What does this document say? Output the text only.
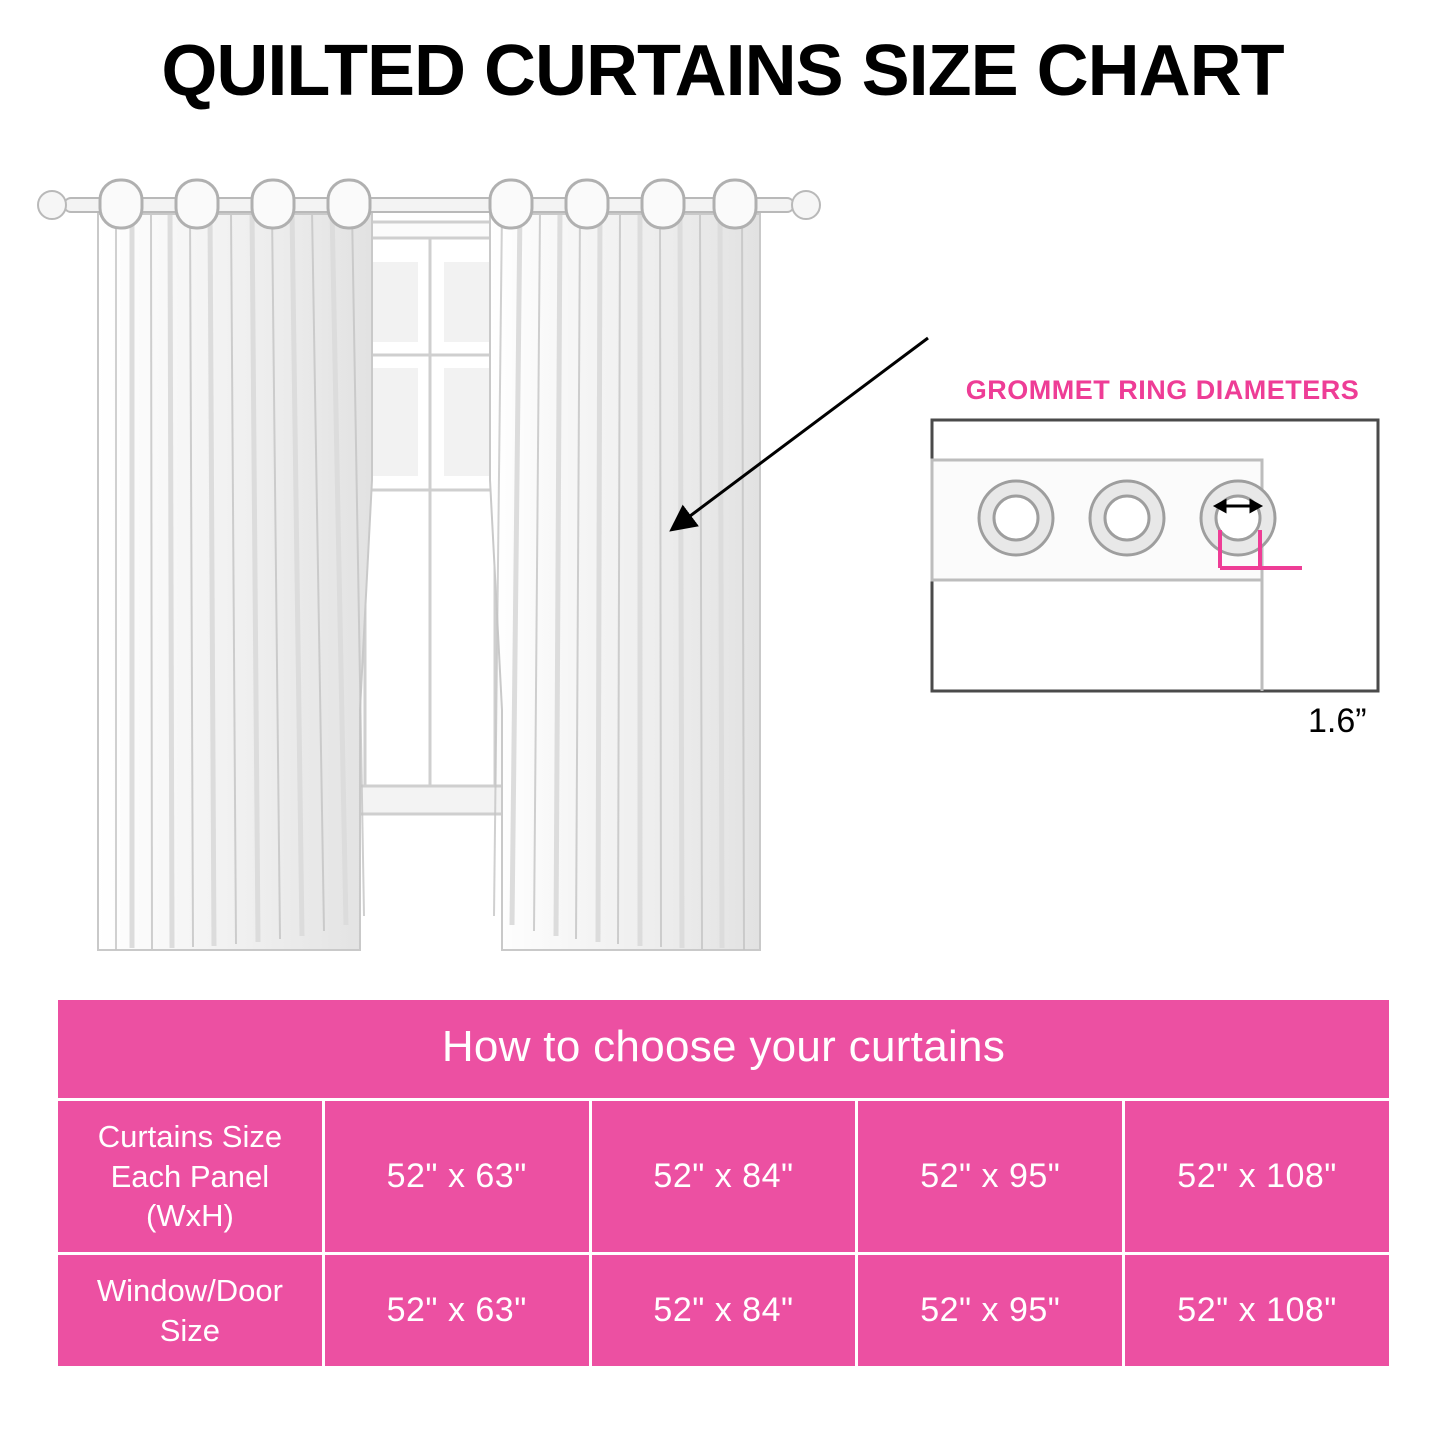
QUILTED CURTAINS SIZE CHART
GROMMET RING DIAMETERS
1.6”
How to choose your curtains				

Curtains Size
Each Panel
(WxH)	52" x 63"	52" x 84"	52" x 95"	52" x 108"

Window/Door
Size	52" x 63"	52" x 84"	52" x 95"	52" x 108"
